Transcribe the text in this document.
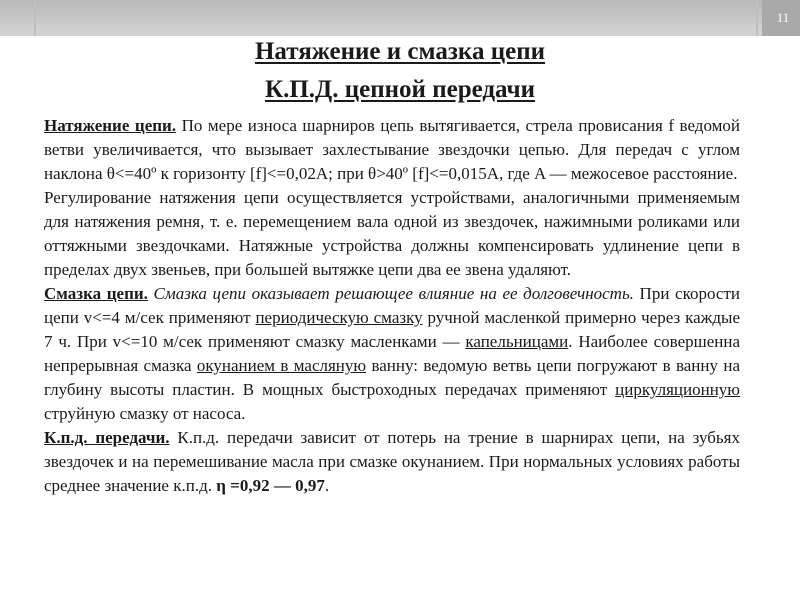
11
Натяжение и смазка цепи
К.П.Д. цепной передачи

Натяжение цепи. По мере износа шарниров цепь вытягивается, стрела провисания f ведомой ветви увеличивается, что вызывает захлестывание звездочки цепью. Для передач с углом наклона θ<=40º к горизонту [f]<=0,02A; при θ>40º [f]<=0,015A, где A — межосевое расстояние.

Регулирование натяжения цепи осуществляется устройствами, аналогичными применяемым для натяжения ремня, т. е. перемещением вала одной из звездочек, нажимными роликами или оттяжными звездочками. Натяжные устройства должны компенсировать удлинение цепи в пределах двух звеньев, при большей вытяжке цепи два ее звена удаляют.

Смазка цепи. Смазка цепи оказывает решающее влияние на ее долговечность. При скорости цепи v<=4 м/сек применяют периодическую смазку ручной масленкой примерно через каждые 7 ч. При v<=10 м/сек применяют смазку масленками — капельницами. Наиболее совершенна непрерывная смазка окунанием в масляную ванну: ведомую ветвь цепи погружают в ванну на глубину высоты пластин. В мощных быстроходных передачах применяют циркуляционную струйную смазку от насоса.

К.п.д. передачи. К.п.д. передачи зависит от потерь на трение в шарнирах цепи, на зубьях звездочек и на перемешивание масла при смазке окунанием. При нормальных условиях работы среднее значение к.п.д. η =0,92 — 0,97.
